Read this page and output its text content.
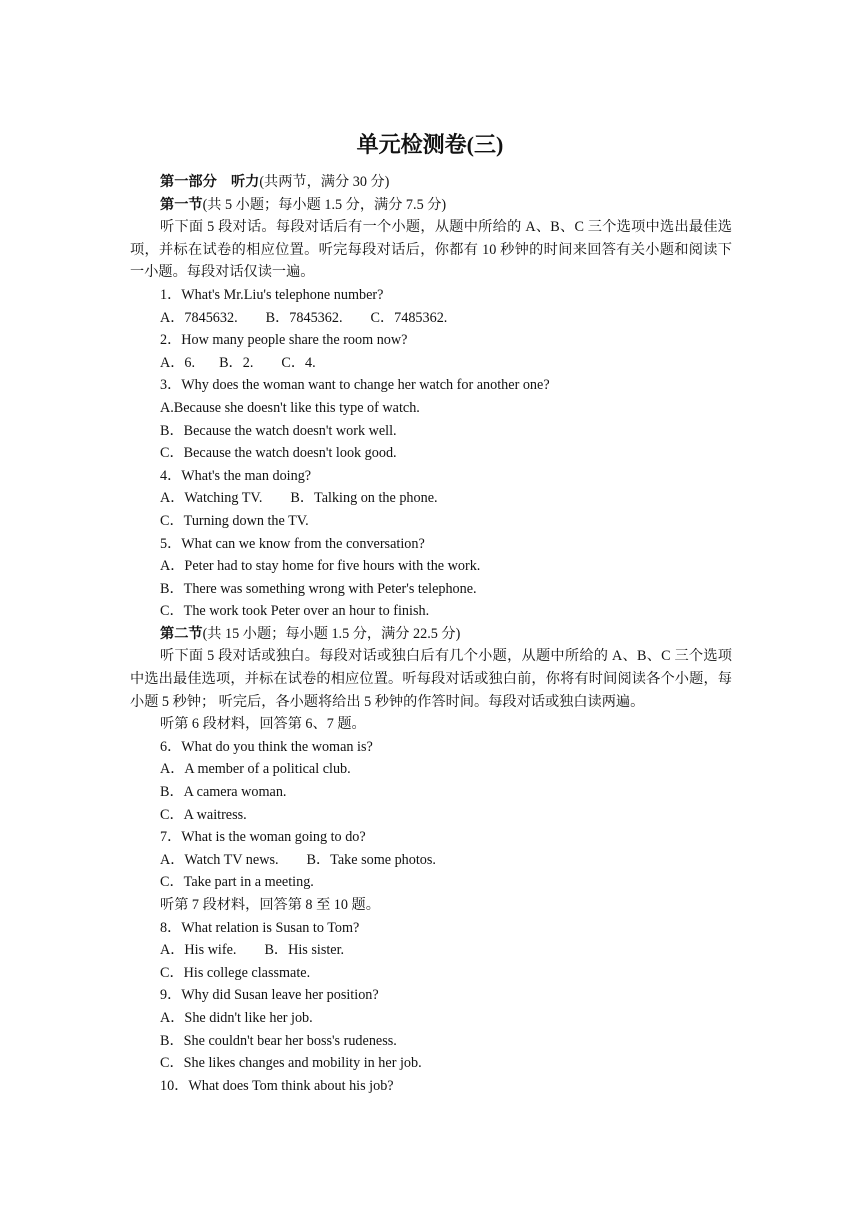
单元检测卷(三)
第一部分　听力(共两节，满分 30 分)
第一节(共 5 小题；每小题 1.5 分，满分 7.5 分)
听下面 5 段对话。每段对话后有一个小题，从题中所给的 A、B、C 三个选项中选出最佳选项，并标在试卷的相应位置。听完每段对话后，你都有 10 秒钟的时间来回答有关小题和阅读下一小题。每段对话仅读一遍。
1．What's Mr.Liu's telephone number?
A．7845632. B．7845362. C．7485362.
2．How many people share the room now?
A．6. B．2. C．4.
3．Why does the woman want to change her watch for another one?
A.Because she doesn't like this type of watch.
B．Because the watch doesn't work well.
C．Because the watch doesn't look good.
4．What's the man doing?
A．Watching TV. B．Talking on the phone.
C．Turning down the TV.
5．What can we know from the conversation?
A．Peter had to stay home for five hours with the work.
B．There was something wrong with Peter's telephone.
C．The work took Peter over an hour to finish.
第二节(共 15 小题；每小题 1.5 分，满分 22.5 分)
听下面 5 段对话或独白。每段对话或独白后有几个小题，从题中所给的 A、B、C 三个选项中选出最佳选项，并标在试卷的相应位置。听每段对话或独白前，你将有时间阅读各个小题，每小题 5 秒钟； 听完后，各小题将给出 5 秒钟的作答时间。每段对话或独白读两遍。
听第 6 段材料，回答第 6、7 题。
6．What do you think the woman is?
A．A member of a political club.
B．A camera woman.
C．A waitress.
7．What is the woman going to do?
A．Watch TV news. B．Take some photos.
C．Take part in a meeting.
听第 7 段材料，回答第 8 至 10 题。
8．What relation is Susan to Tom?
A．His wife. B．His sister.
C．His college classmate.
9．Why did Susan leave her position?
A．She didn't like her job.
B．She couldn't bear her boss's rudeness.
C．She likes changes and mobility in her job.
10．What does Tom think about his job?
